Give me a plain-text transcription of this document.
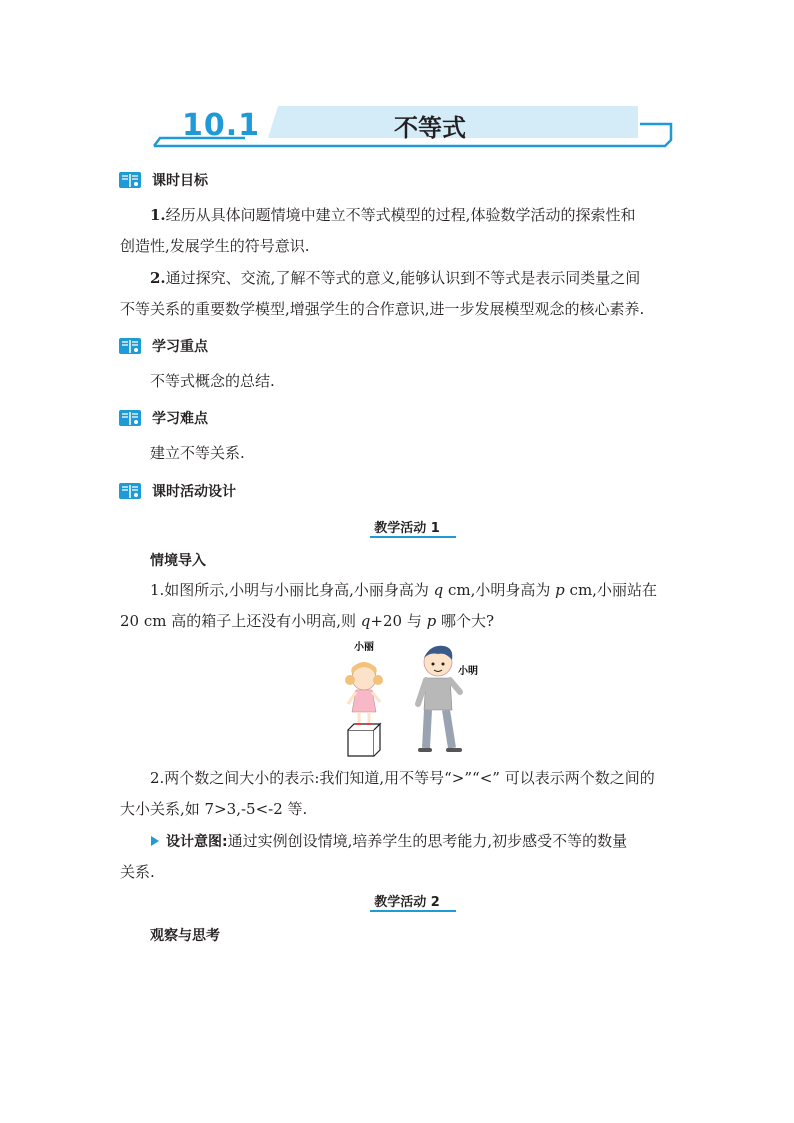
10.1	不等式
课时目标
1.经历从具体问题情境中建立不等式模型的过程,体验数学活动的探索性和
创造性,发展学生的符号意识.
2.通过探究、交流,了解不等式的意义,能够认识到不等式是表示同类量之间
不等关系的重要数学模型,增强学生的合作意识,进一步发展模型观念的核心素养.
学习重点
不等式概念的总结.
学习难点
建立不等关系.
课时活动设计
教学活动 1
情境导入
1.如图所示,小明与小丽比身高,小丽身高为 q cm,小明身高为 p cm,小丽站在
20 cm 高的箱子上还没有小明高,则 q+20 与 p 哪个大?
小丽
小明
2.两个数之间大小的表示:我们知道,用不等号“>”“<” 可以表示两个数之间的
大小关系,如 7>3,-5<-2 等.
设计意图:通过实例创设情境,培养学生的思考能力,初步感受不等的数量
关系.
教学活动 2
观察与思考
